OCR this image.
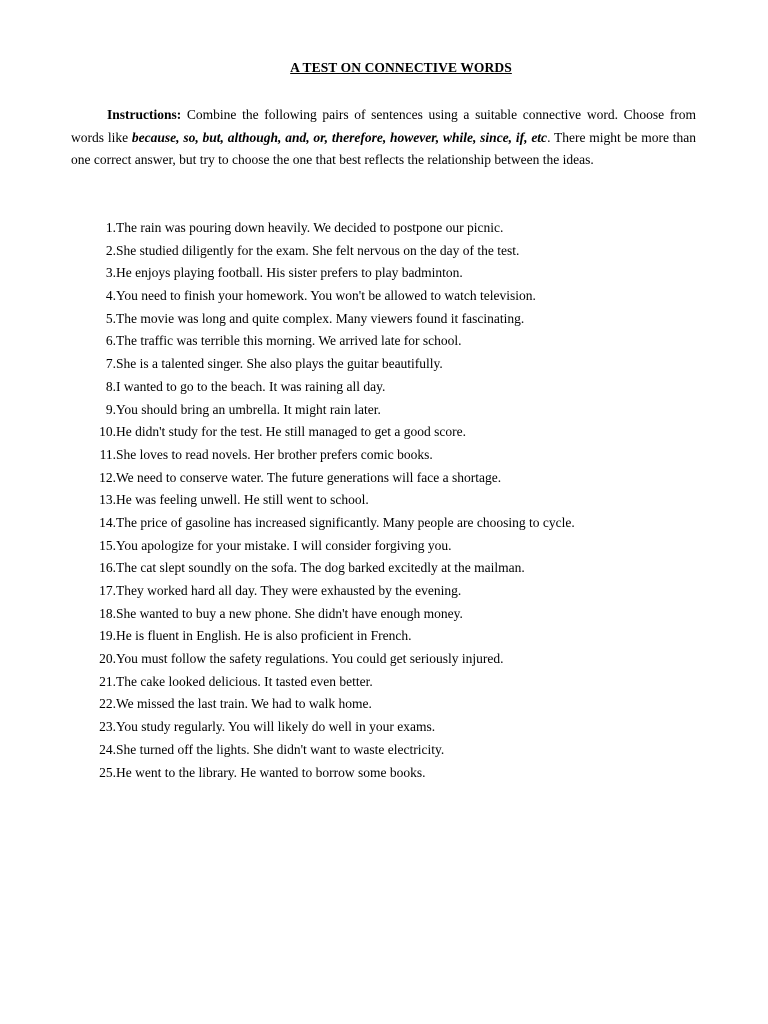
A TEST ON CONNECTIVE WORDS

Instructions: Combine the following pairs of sentences using a suitable connective word. Choose from words like because, so, but, although, and, or, therefore, however, while, since, if, etc. There might be more than one correct answer, but try to choose the one that best reflects the relationship between the ideas.

1. The rain was pouring down heavily. We decided to postpone our picnic.
2. She studied diligently for the exam. She felt nervous on the day of the test.
3. He enjoys playing football. His sister prefers to play badminton.
4. You need to finish your homework. You won't be allowed to watch television.
5. The movie was long and quite complex. Many viewers found it fascinating.
6. The traffic was terrible this morning. We arrived late for school.
7. She is a talented singer. She also plays the guitar beautifully.
8. I wanted to go to the beach. It was raining all day.
9. You should bring an umbrella. It might rain later.
10. He didn't study for the test. He still managed to get a good score.
11. She loves to read novels. Her brother prefers comic books.
12. We need to conserve water. The future generations will face a shortage.
13. He was feeling unwell. He still went to school.
14. The price of gasoline has increased significantly. Many people are choosing to cycle.
15. You apologize for your mistake. I will consider forgiving you.
16. The cat slept soundly on the sofa. The dog barked excitedly at the mailman.
17. They worked hard all day. They were exhausted by the evening.
18. She wanted to buy a new phone. She didn't have enough money.
19. He is fluent in English. He is also proficient in French.
20. You must follow the safety regulations. You could get seriously injured.
21. The cake looked delicious. It tasted even better.
22. We missed the last train. We had to walk home.
23. You study regularly. You will likely do well in your exams.
24. She turned off the lights. She didn't want to waste electricity.
25. He went to the library. He wanted to borrow some books.
